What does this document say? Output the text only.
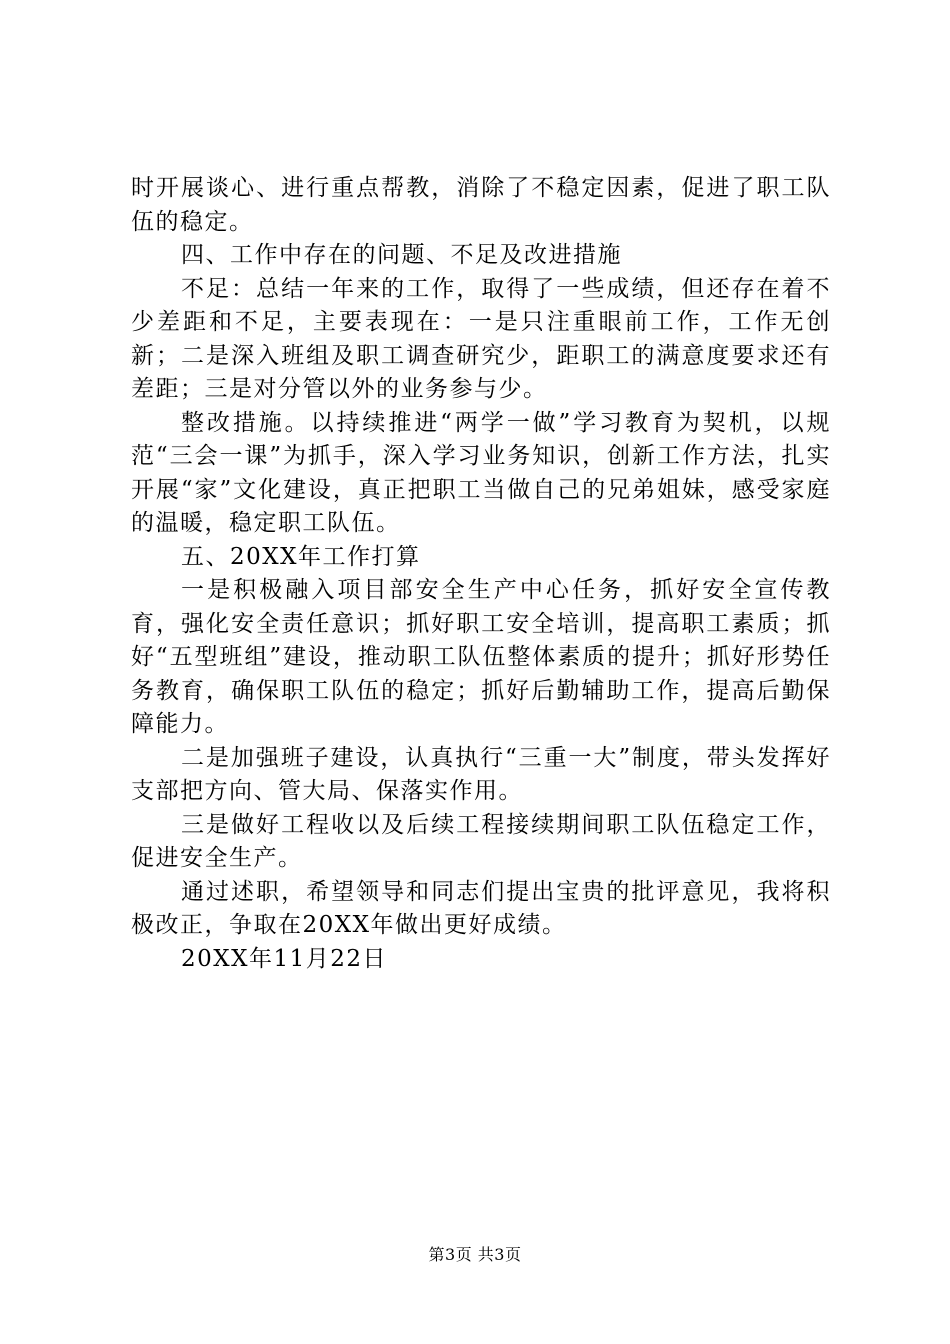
时开展谈心、进行重点帮教，消除了不稳定因素，促进了职工队伍的稳定。

四、工作中存在的问题、不足及改进措施

不足：总结一年来的工作，取得了一些成绩，但还存在着不少差距和不足，主要表现在：一是只注重眼前工作，工作无创新；二是深入班组及职工调查研究少，距职工的满意度要求还有差距；三是对分管以外的业务参与少。

整改措施。以持续推进“两学一做”学习教育为契机，以规范“三会一课”为抓手，深入学习业务知识，创新工作方法，扎实开展“家”文化建设，真正把职工当做自己的兄弟姐妹，感受家庭的温暖，稳定职工队伍。

五、20XX年工作打算

一是积极融入项目部安全生产中心任务，抓好安全宣传教育，强化安全责任意识；抓好职工安全培训，提高职工素质；抓好“五型班组”建设，推动职工队伍整体素质的提升；抓好形势任务教育，确保职工队伍的稳定；抓好后勤辅助工作，提高后勤保障能力。

二是加强班子建设，认真执行“三重一大”制度，带头发挥好支部把方向、管大局、保落实作用。

三是做好工程收以及后续工程接续期间职工队伍稳定工作，促进安全生产。

通过述职，希望领导和同志们提出宝贵的批评意见，我将积极改正，争取在20XX年做出更好成绩。

20XX年11月22日

第3页 共3页
